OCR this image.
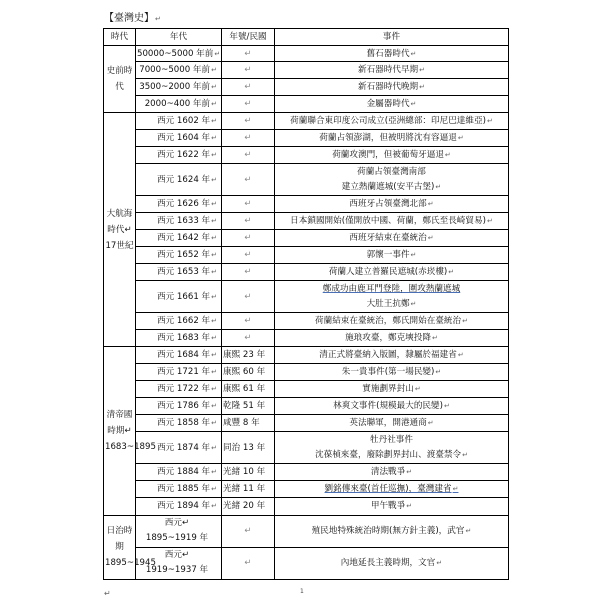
【臺灣史】↵
時代	年代	年號/民國	事件
史前時代	50000~5000 年前↵	↵	舊石器時代↵

	7000~5000 年前↵	↵	新石器時代早期↵

	3500~2000 年前↵	↵	新石器時代晚期↵

	2000~400 年前↵	↵	金屬器時代↵

大航海時代↵
17世紀	西元 1602 年↵	↵	荷蘭聯合東印度公司成立(亞洲總部：印尼巴達維亞)↵

	西元 1604 年↵	↵	荷蘭占領澎湖，但被明將沈有容逼退↵

	西元 1622 年↵	↵	荷蘭攻澳門，但被葡萄牙逼退↵

	西元 1624 年↵	↵	荷蘭占領臺灣南部
建立熱蘭遮城(安平古堡)↵

	西元 1626 年↵	↵	西班牙占領臺灣北部↵

	西元 1633 年↵	↵	日本鎖國開始(僅開放中國、荷蘭，鄭氏至長崎貿易)↵

	西元 1642 年↵	↵	西班牙結束在臺統治↵

	西元 1652 年↵	↵	郭懷一事件↵

	西元 1653 年↵	↵	荷蘭人建立普羅民遮城(赤崁樓)↵

	西元 1661 年↵	↵	鄭成功由鹿耳門登陸，圍攻熱蘭遮城
大肚王抗鄭↵

	西元 1662 年↵	↵	荷蘭結束在臺統治，鄭氏開始在臺統治↵

	西元 1683 年↵	↵	施琅攻臺，鄭克塽投降↵

清帝國時期↵
1683~1895	西元 1684 年↵	康熙 23 年	清正式將臺納入版圖，隸屬於福建省↵

	西元 1721 年↵	康熙 60 年	朱一貴事件(第一場民變)↵

	西元 1722 年↵	康熙 61 年	實施劃界封山↵

	西元 1786 年↵	乾隆 51 年	林爽文事件(規模最大的民變)↵

	西元 1858 年↵	咸豐 8 年	英法聯軍，開港通商↵

	西元 1874 年↵	同治 13 年	牡丹社事件
沈葆楨來臺，廢除劃界封山、渡臺禁令↵

	西元 1884 年↵	光緒 10 年	清法戰爭↵

	西元 1885 年↵	光緒 11 年	劉銘傳來臺(首任巡撫)，臺灣建省↵

	西元 1894 年↵	光緒 20 年	甲午戰爭↵

日治時期1895~1945	西元↵
1895~1919 年	↵	殖民地特殊統治時期(無方針主義)，武官↵

	西元↵
1919~1937 年	↵	內地延長主義時期，文官↵
↵	1
